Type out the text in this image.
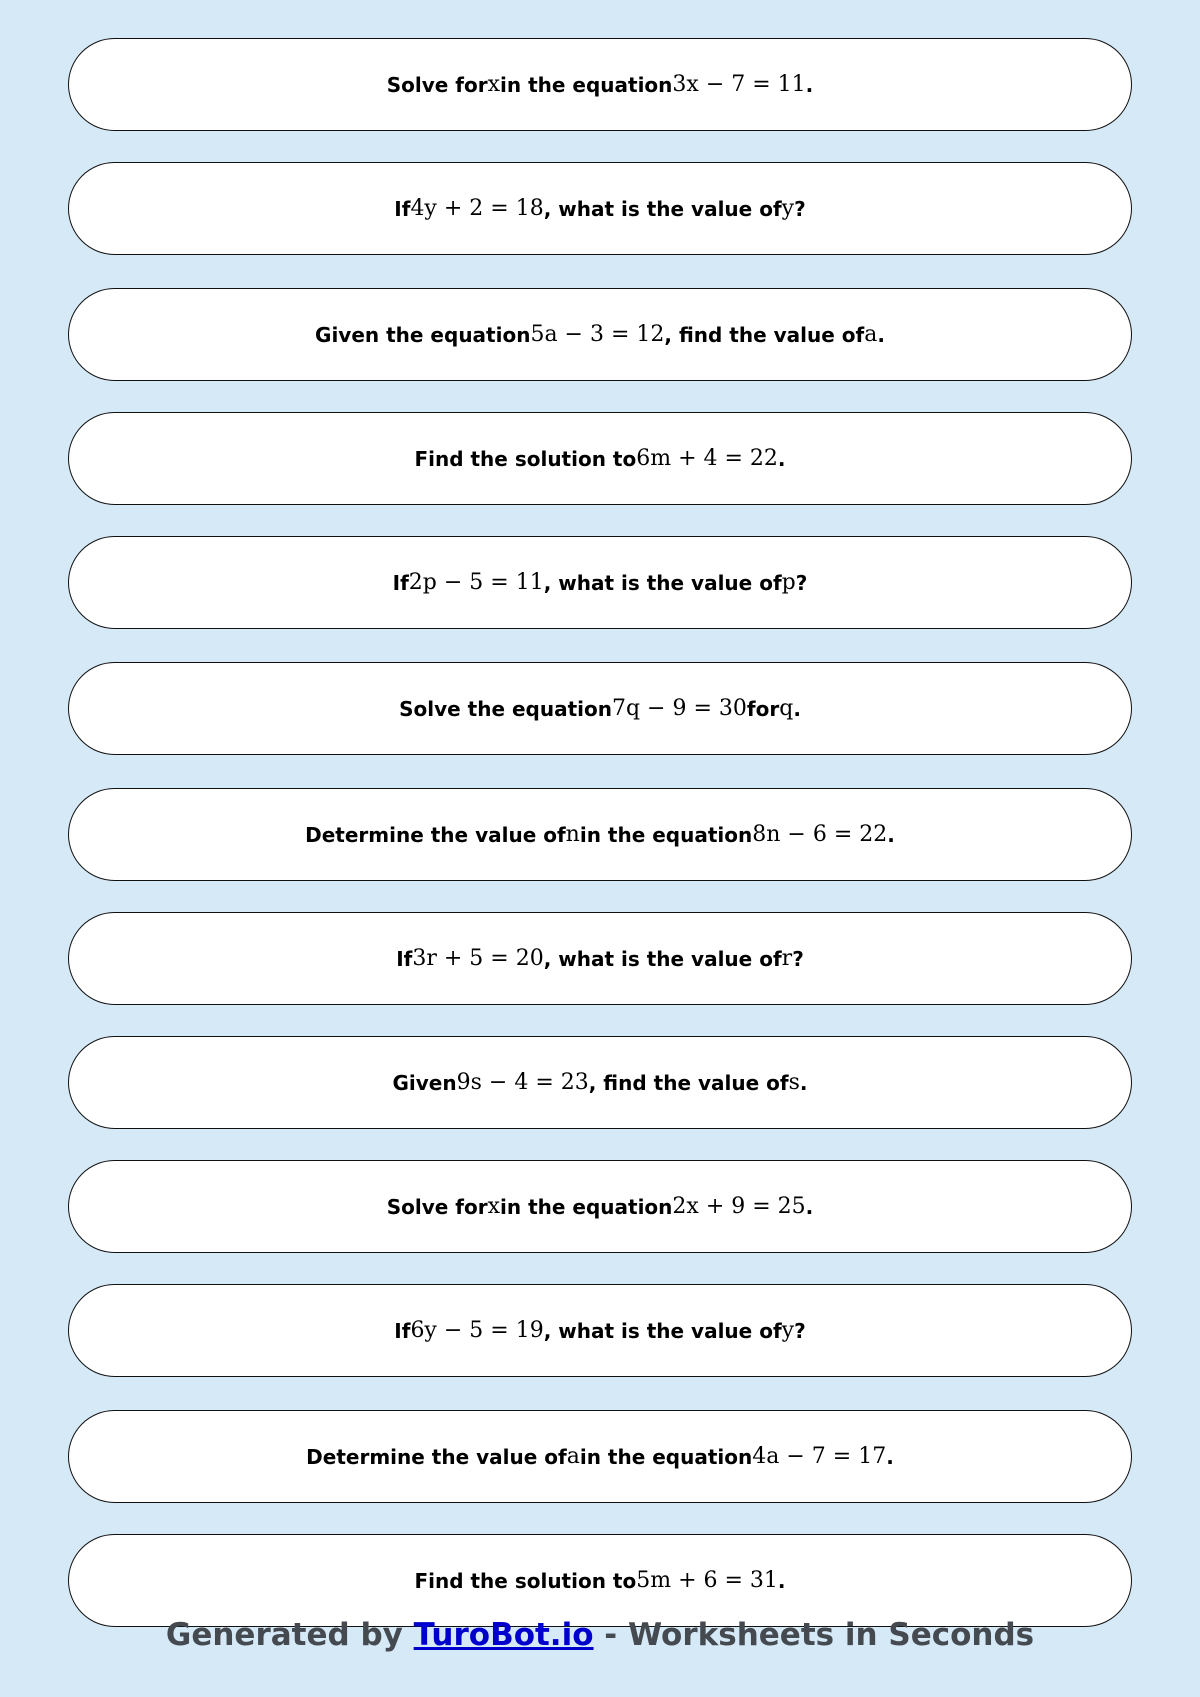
Solve for x in the equation 3x − 7 = 11 .
If 4y + 2 = 18 , what is the value of y ?
Given the equation 5a − 3 = 12 , find the value of a .
Find the solution to 6m + 4 = 22 .
If 2p − 5 = 11 , what is the value of p ?
Solve the equation 7q − 9 = 30 for q .
Determine the value of n in the equation 8n − 6 = 22 .
If 3r + 5 = 20 , what is the value of r ?
Given 9s − 4 = 23 , find the value of s .
Solve for x in the equation 2x + 9 = 25 .
If 6y − 5 = 19 , what is the value of y ?
Determine the value of a in the equation 4a − 7 = 17 .
Find the solution to 5m + 6 = 31 .
Generated by TuroBot.io - Worksheets in Seconds
